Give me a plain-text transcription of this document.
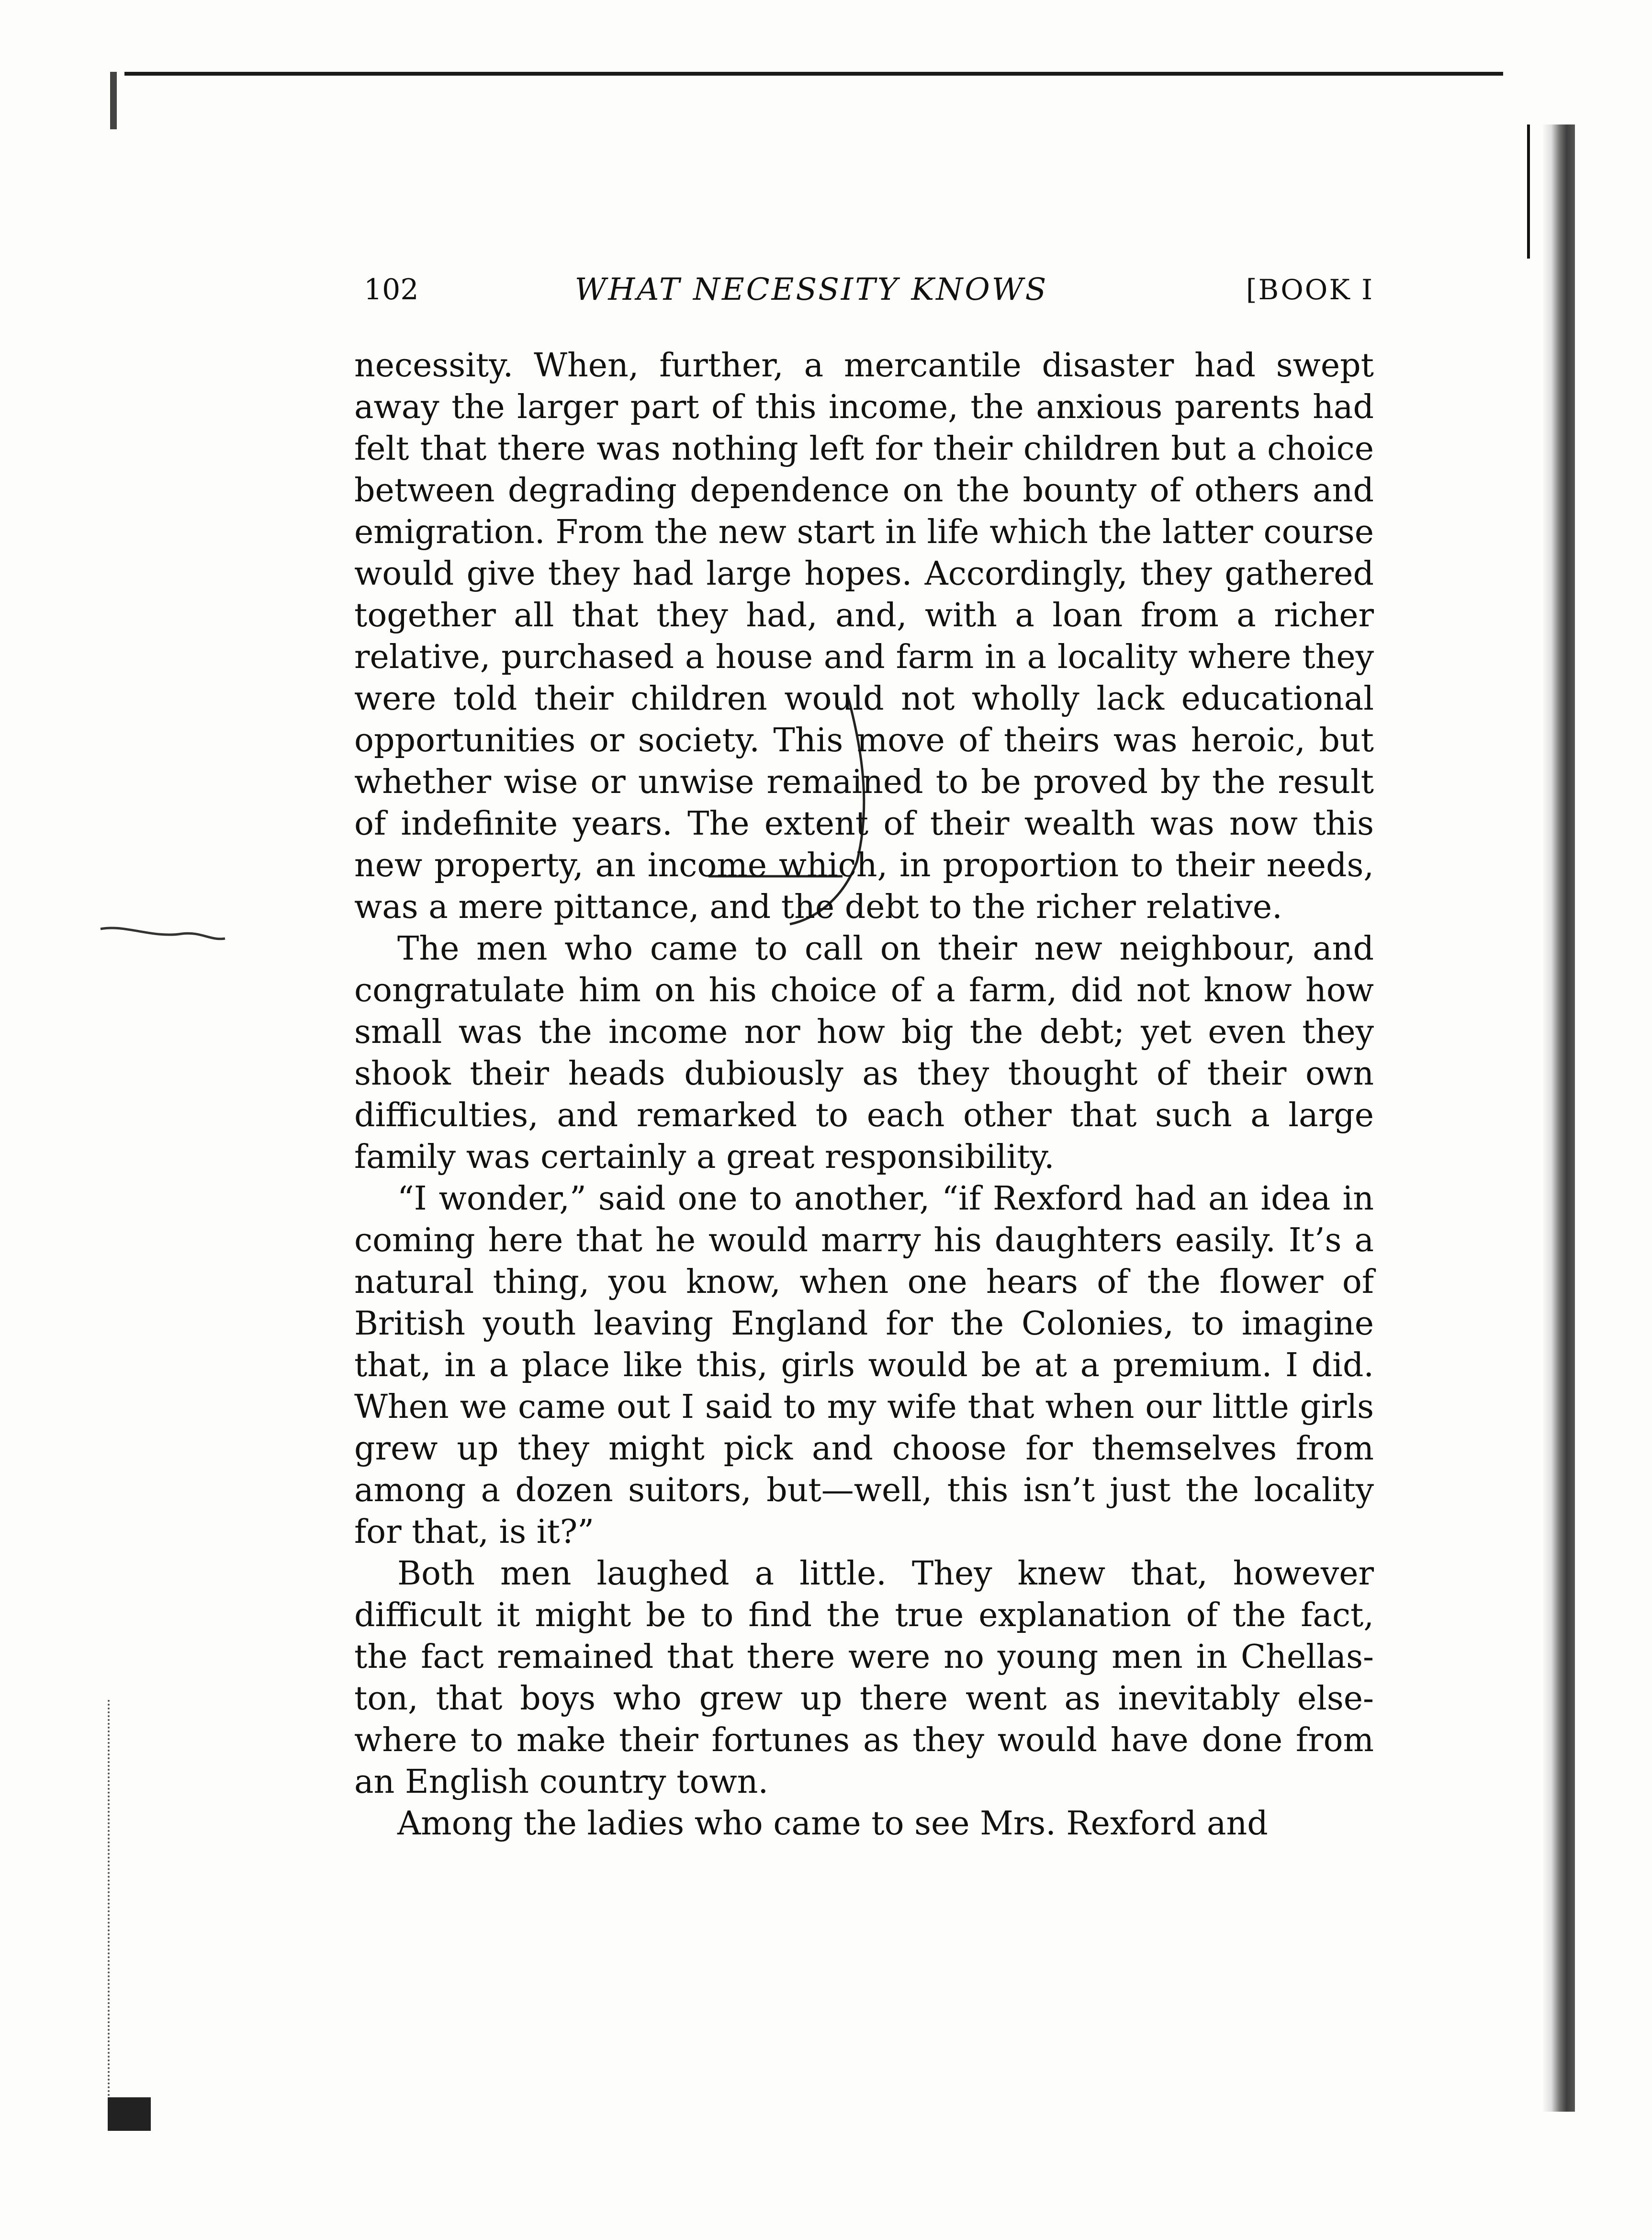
102	WHAT NECESSITY KNOWS	[BOOK I

necessity. When, further, a mercantile disaster had swept away the larger part of this income, the anxious parents had felt that there was nothing left for their children but a choice between degrading dependence on the bounty of others and emigration. From the new start in life which the latter course would give they had large hopes. Accordingly, they gathered together all that they had, and, with a loan from a richer relative, purchased a house and farm in a locality where they were told their children would not wholly lack educational opportunities or society. This move of theirs was heroic, but whether wise or unwise remained to be proved by the result of indefinite years. The extent of their wealth was now this new property, an income which, in proportion to their needs, was a mere pittance, and the debt to the richer relative.

The men who came to call on their new neighbour, and congratulate him on his choice of a farm, did not know how small was the income nor how big the debt; yet even they shook their heads dubiously as they thought of their own difficulties, and remarked to each other that such a large family was certainly a great responsibility.

“I wonder,” said one to another, “if Rexford had an idea in coming here that he would marry his daughters easily. It’s a natural thing, you know, when one hears of the flower of British youth leaving England for the Colonies, to imagine that, in a place like this, girls would be at a premium. I did. When we came out I said to my wife that when our little girls grew up they might pick and choose for themselves from among a dozen suitors, but—well, this isn’t just the locality for that, is it?”

Both men laughed a little. They knew that, however difficult it might be to find the true explanation of the fact, the fact remained that there were no young men in Chellaston, that boys who grew up there went as inevitably elsewhere to make their fortunes as they would have done from an English country town.

Among the ladies who came to see Mrs. Rexford and
